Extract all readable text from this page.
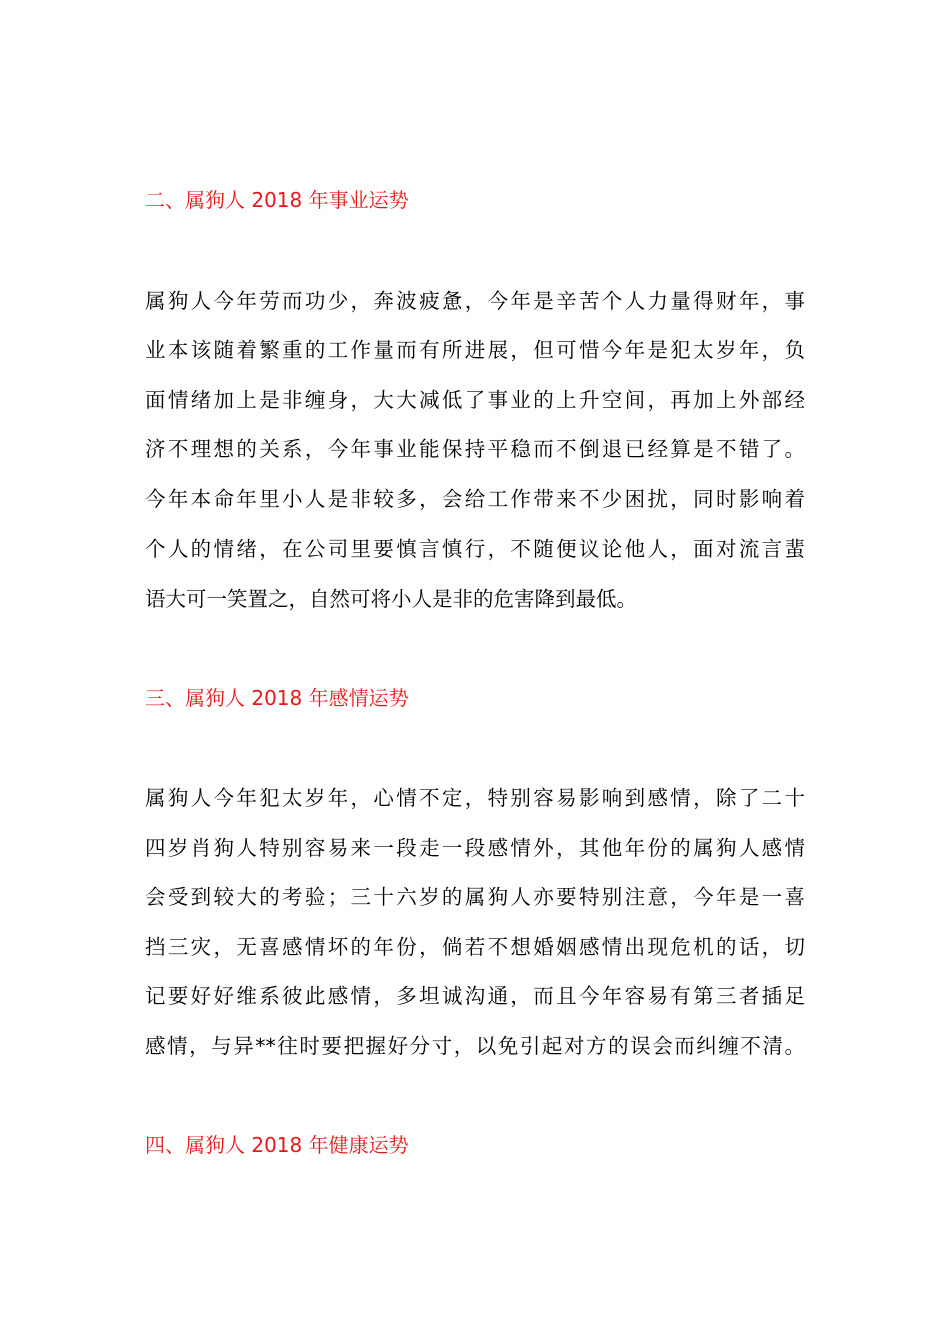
二、属狗人 2018 年事业运势
属狗人今年劳而功少，奔波疲惫，今年是辛苦个人力量得财年，事
业本该随着繁重的工作量而有所进展，但可惜今年是犯太岁年，负
面情绪加上是非缠身，大大减低了事业的上升空间，再加上外部经
济不理想的关系，今年事业能保持平稳而不倒退已经算是不错了。
今年本命年里小人是非较多，会给工作带来不少困扰，同时影响着
个人的情绪，在公司里要慎言慎行，不随便议论他人，面对流言蜚
语大可一笑置之，自然可将小人是非的危害降到最低。
三、属狗人 2018 年感情运势
属狗人今年犯太岁年，心情不定，特别容易影响到感情，除了二十
四岁肖狗人特别容易来一段走一段感情外，其他年份的属狗人感情
会受到较大的考验；三十六岁的属狗人亦要特别注意，今年是一喜
挡三灾，无喜感情坏的年份，倘若不想婚姻感情出现危机的话，切
记要好好维系彼此感情，多坦诚沟通，而且今年容易有第三者插足
感情，与异**往时要把握好分寸，以免引起对方的误会而纠缠不清。
四、属狗人 2018 年健康运势
